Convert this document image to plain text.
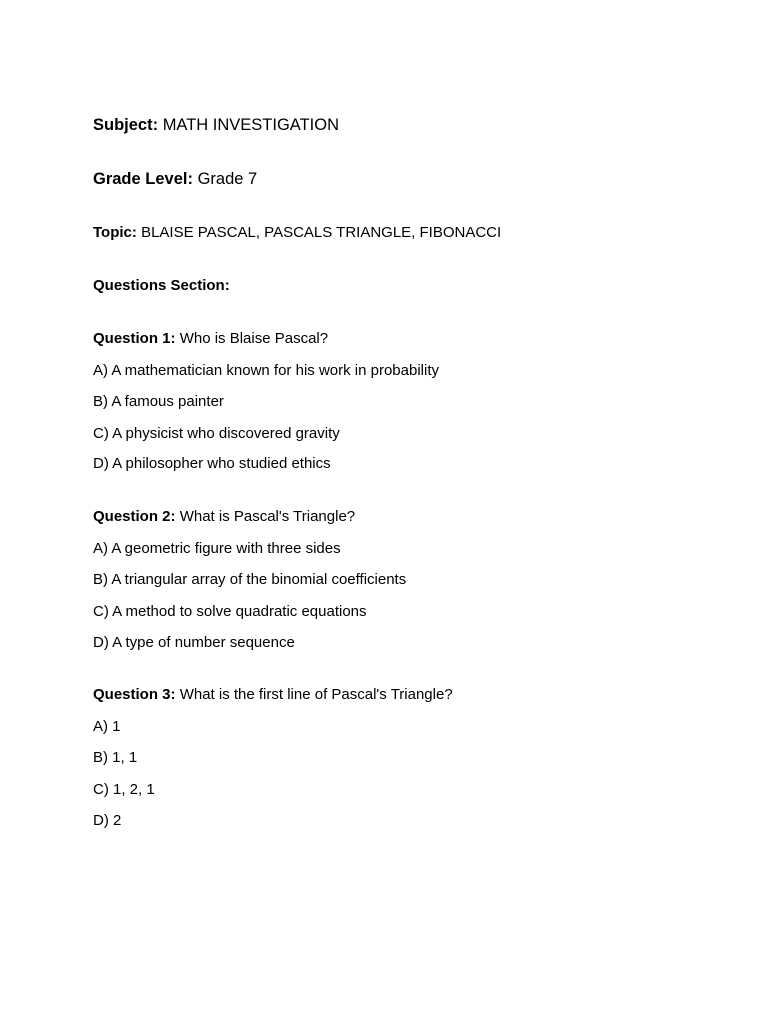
Subject: MATH INVESTIGATION
Grade Level: Grade 7
Topic: BLAISE PASCAL, PASCALS TRIANGLE, FIBONACCI
Questions Section:
Question 1: Who is Blaise Pascal?
A) A mathematician known for his work in probability
B) A famous painter
C) A physicist who discovered gravity
D) A philosopher who studied ethics
Question 2: What is Pascal's Triangle?
A) A geometric figure with three sides
B) A triangular array of the binomial coefficients
C) A method to solve quadratic equations
D) A type of number sequence
Question 3: What is the first line of Pascal's Triangle?
A) 1
B) 1, 1
C) 1, 2, 1
D) 2
